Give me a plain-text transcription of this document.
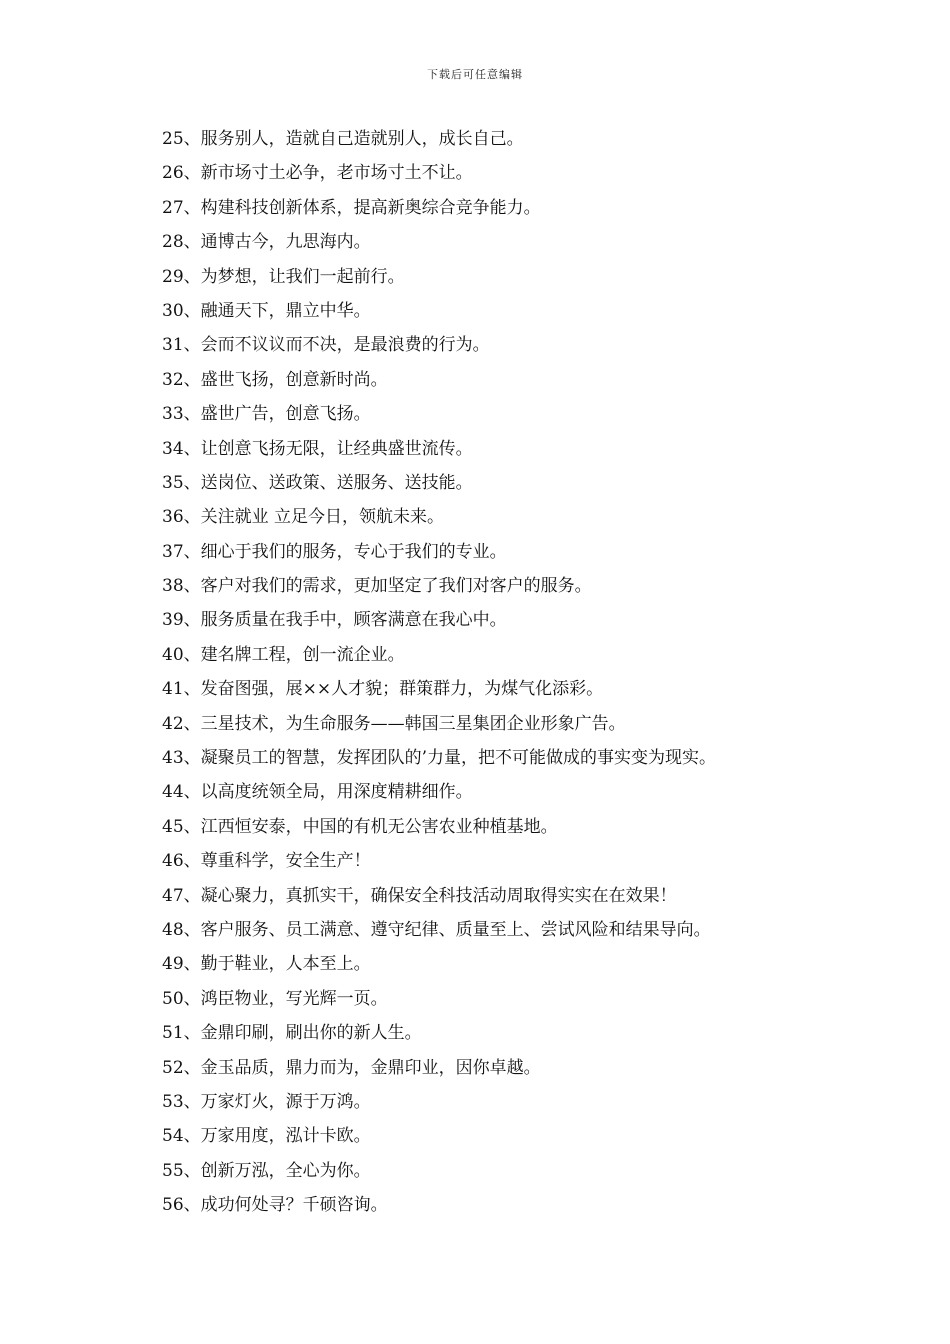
下载后可任意编辑
25、服务别人，造就自己造就别人，成长自己。
26、新市场寸土必争，老市场寸土不让。
27、构建科技创新体系，提高新奥综合竞争能力。
28、通博古今，九思海内。
29、为梦想，让我们一起前行。
30、融通天下，鼎立中华。
31、会而不议议而不决，是最浪费的行为。
32、盛世飞扬，创意新时尚。
33、盛世广告，创意飞扬。
34、让创意飞扬无限，让经典盛世流传。
35、送岗位、送政策、送服务、送技能。
36、关注就业 立足今日，领航未来。
37、细心于我们的服务，专心于我们的专业。
38、客户对我们的需求，更加坚定了我们对客户的服务。
39、服务质量在我手中，顾客满意在我心中。
40、建名牌工程，创一流企业。
41、发奋图强，展××人才貌；群策群力，为煤气化添彩。
42、三星技术，为生命服务——韩国三星集团企业形象广告。
43、凝聚员工的智慧，发挥团队的’力量，把不可能做成的事实变为现实。
44、以高度统领全局，用深度精耕细作。
45、江西恒安泰，中国的有机无公害农业种植基地。
46、尊重科学，安全生产！
47、凝心聚力，真抓实干，确保安全科技活动周取得实实在在效果！
48、客户服务、员工满意、遵守纪律、质量至上、尝试风险和结果导向。
49、勤于鞋业，人本至上。
50、鸿臣物业，写光辉一页。
51、金鼎印刷，刷出你的新人生。
52、金玉品质，鼎力而为，金鼎印业，因你卓越。
53、万家灯火，源于万鸿。
54、万家用度，泓计卡欧。
55、创新万泓，全心为你。
56、成功何处寻？千硕咨询。
